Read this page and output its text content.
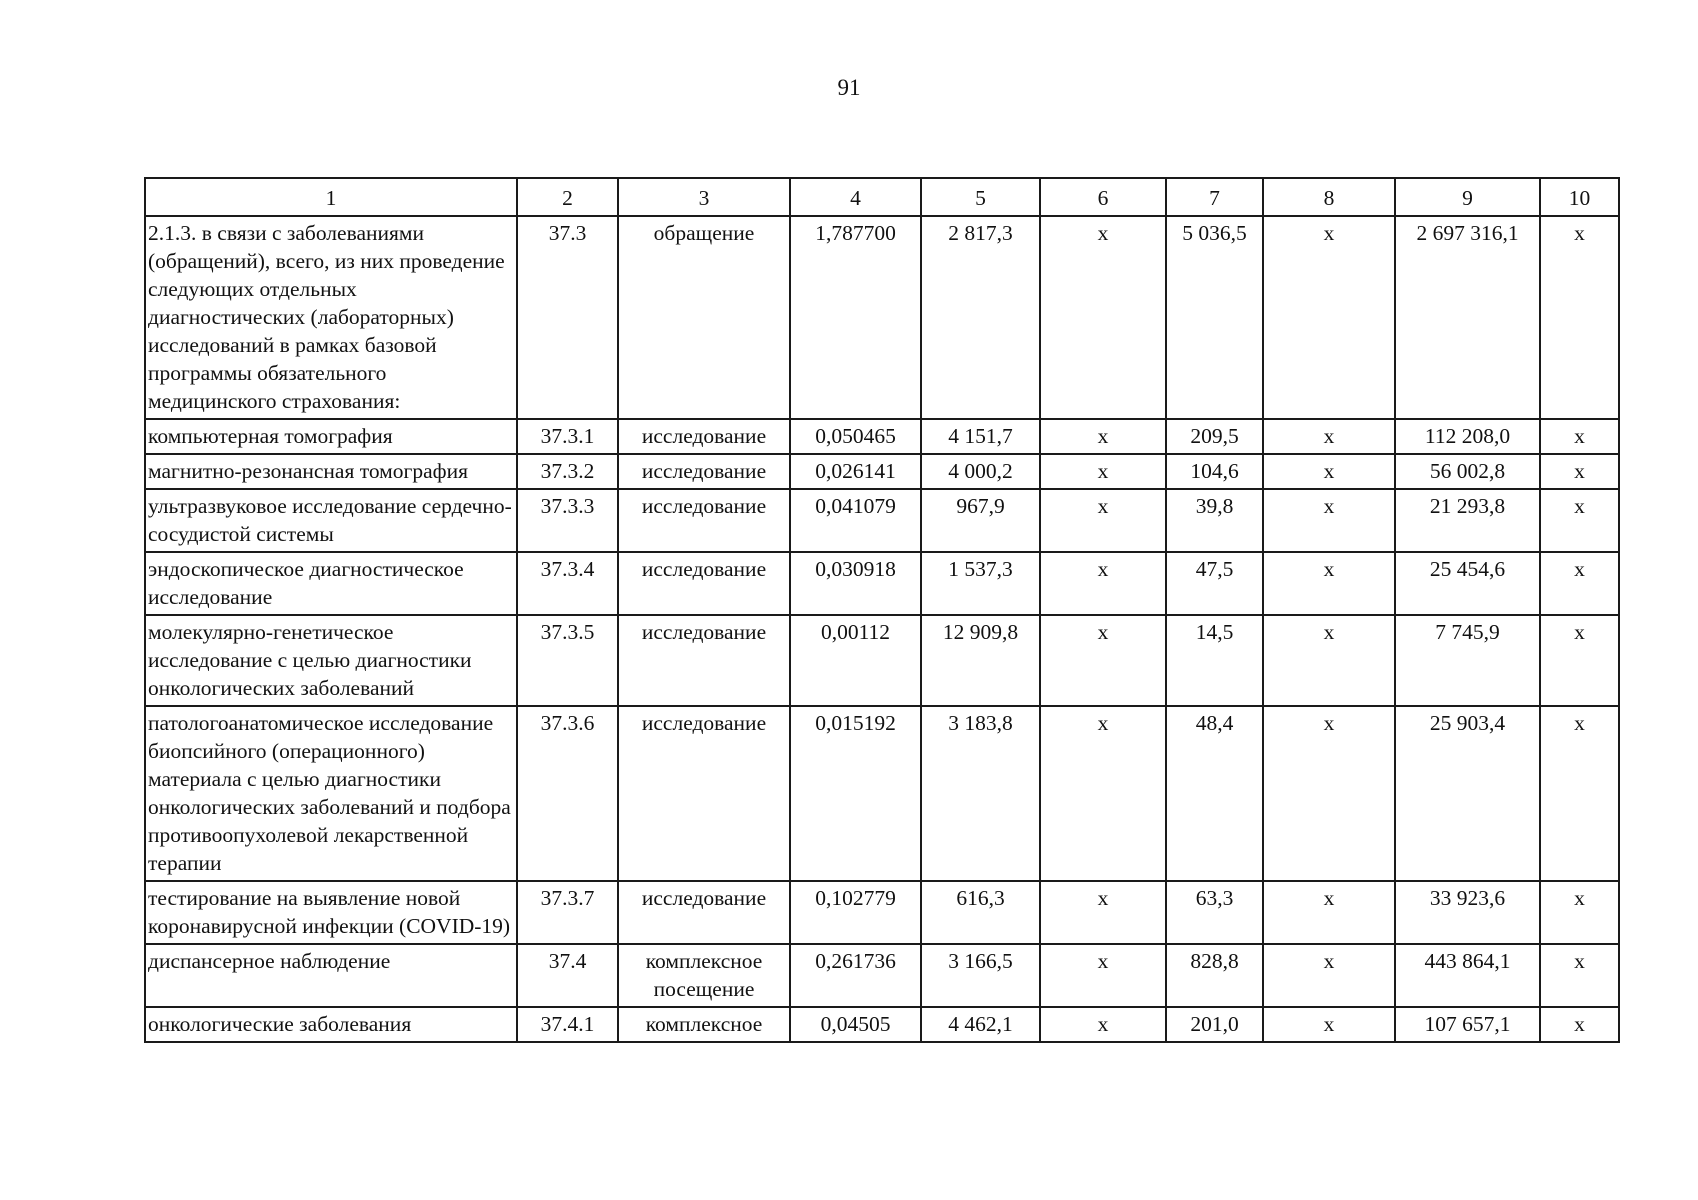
91
1	2	3	4	5	6	7	8	9	10
2.1.3. в связи с заболеваниями (обращений), всего, из них проведение следующих отдельных диагностических (лабораторных) исследований в рамках базовой программы обязательного медицинского страхования:	37.3	обращение	1,787700	2 817,3	х	5 036,5	х	2 697 316,1	х
компьютерная томография	37.3.1	исследование	0,050465	4 151,7	х	209,5	х	112 208,0	х
магнитно-резонансная томография	37.3.2	исследование	0,026141	4 000,2	х	104,6	х	56 002,8	х
ультразвуковое исследование сердечно-сосудистой системы	37.3.3	исследование	0,041079	967,9	х	39,8	х	21 293,8	х
эндоскопическое диагностическое исследование	37.3.4	исследование	0,030918	1 537,3	х	47,5	х	25 454,6	х
молекулярно-генетическое исследование с целью диагностики онкологических заболеваний	37.3.5	исследование	0,00112	12 909,8	х	14,5	х	7 745,9	х
патологоанатомическое исследование биопсийного (операционного) материала с целью диагностики онкологических заболеваний и подбора противоопухолевой лекарственной терапии	37.3.6	исследование	0,015192	3 183,8	х	48,4	х	25 903,4	х
тестирование на выявление новой коронавирусной инфекции (COVID-19)	37.3.7	исследование	0,102779	616,3	х	63,3	х	33 923,6	х
диспансерное наблюдение	37.4	комплексное посещение	0,261736	3 166,5	х	828,8	х	443 864,1	х
онкологические заболевания	37.4.1	комплексное	0,04505	4 462,1	х	201,0	х	107 657,1	х
